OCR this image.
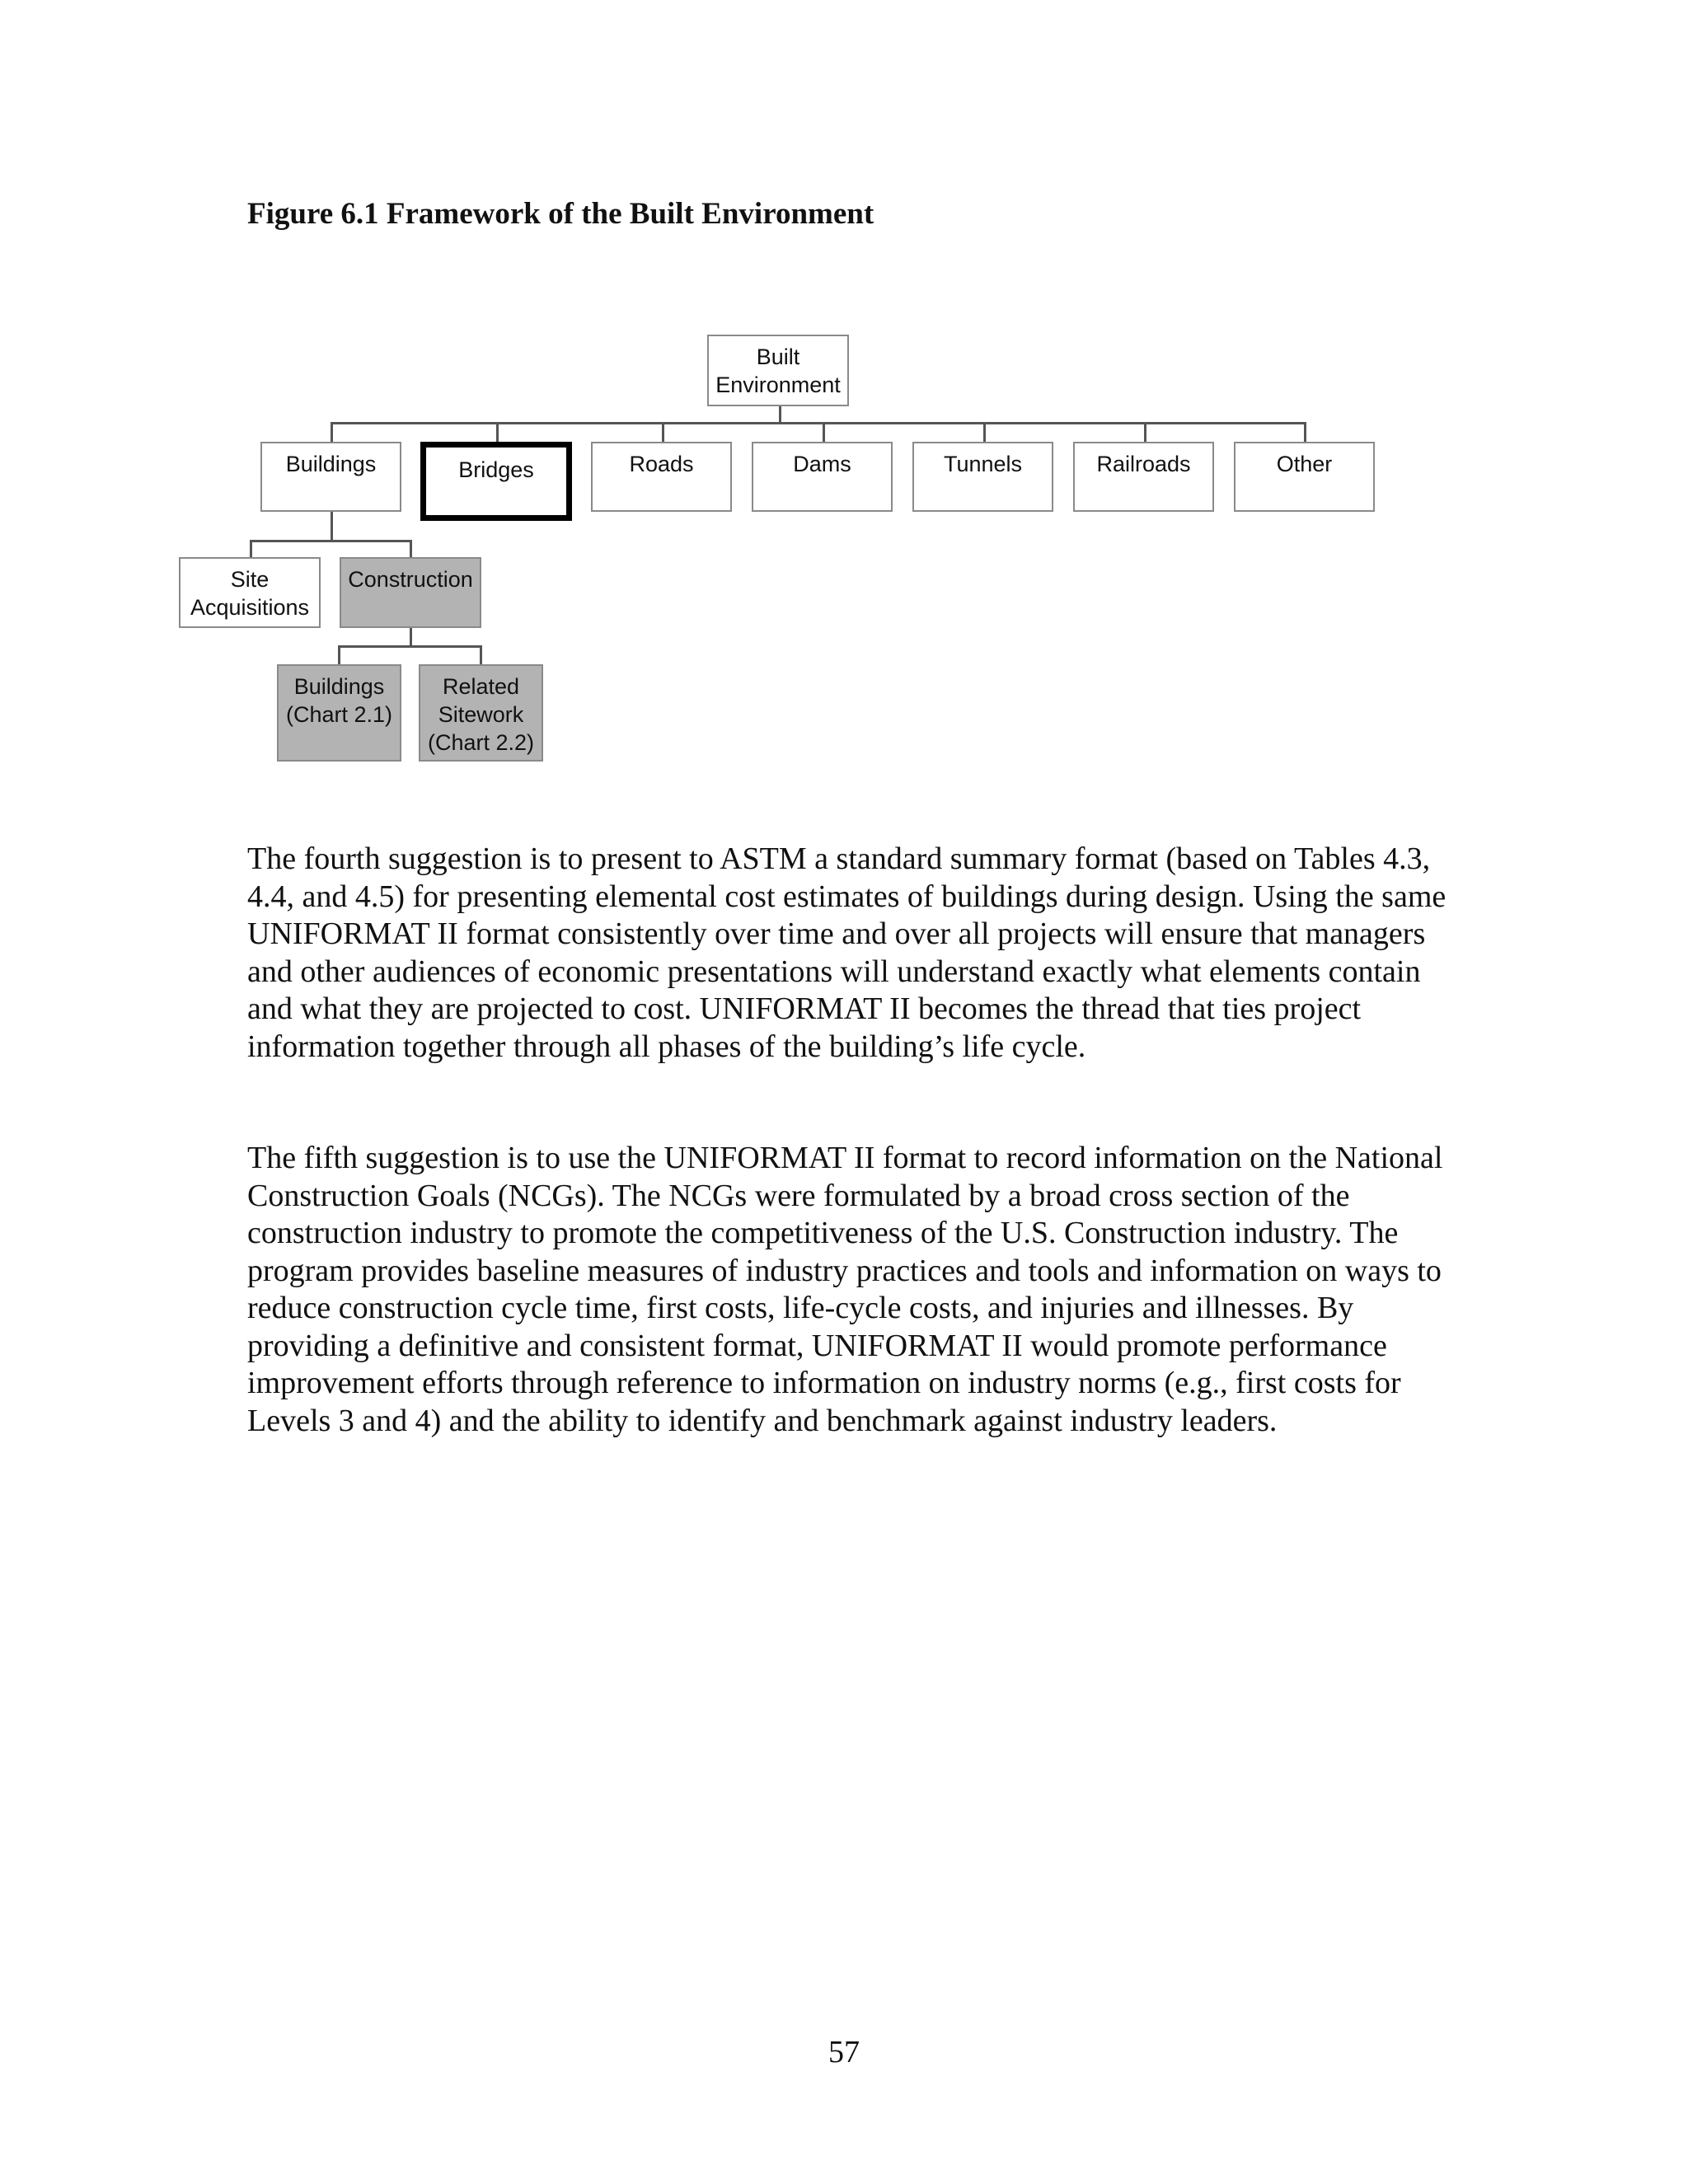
Figure 6.1 Framework of the Built Environment
Built
Environment
Buildings	Bridges	Roads	Dams	Tunnels	Railroads	Other
Site
Acquisitions
Construction
Buildings
(Chart 2.1)
Related
Sitework
(Chart 2.2)

The fourth suggestion is to present to ASTM a standard summary format (based on Tables 4.3, 4.4, and 4.5) for presenting elemental cost estimates of buildings during design. Using the same UNIFORMAT II format consistently over time and over all projects will ensure that managers and other audiences of economic presentations will understand exactly what elements contain and what they are projected to cost. UNIFORMAT II becomes the thread that ties project information together through all phases of the building’s life cycle.

The fifth suggestion is to use the UNIFORMAT II format to record information on the National Construction Goals (NCGs). The NCGs were formulated by a broad cross section of the construction industry to promote the competitiveness of the U.S. Construction industry. The program provides baseline measures of industry practices and tools and information on ways to reduce construction cycle time, first costs, life-cycle costs, and injuries and illnesses. By providing a definitive and consistent format, UNIFORMAT II would promote performance improvement efforts through reference to information on industry norms (e.g., first costs for Levels 3 and 4) and the ability to identify and benchmark against industry leaders.

57
